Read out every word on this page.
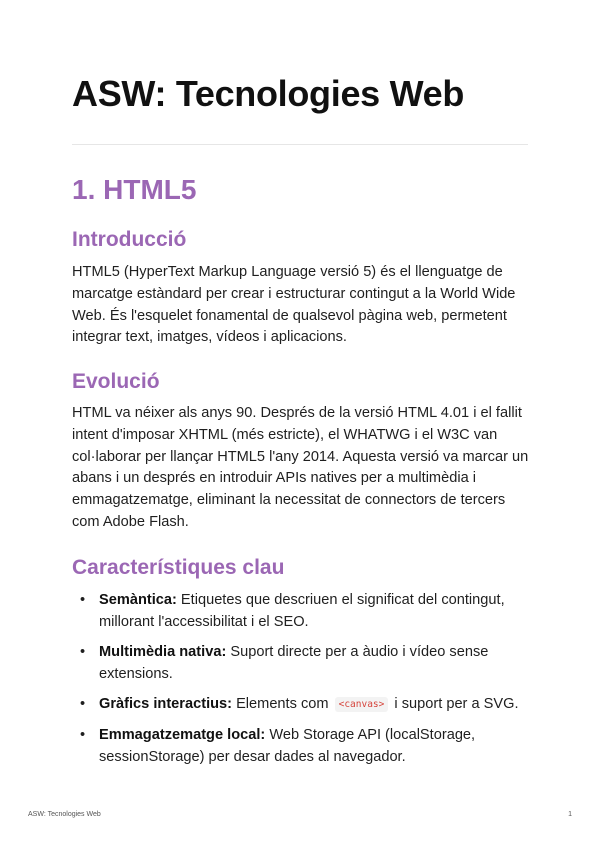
ASW: Tecnologies Web
1. HTML5
Introducció

HTML5 (HyperText Markup Language versió 5) és el llenguatge de marcatge estàndard per crear i estructurar contingut a la World Wide Web. És l'esquelet fonamental de qualsevol pàgina web, permetent integrar text, imatges, vídeos i aplicacions.

Evolució

HTML va néixer als anys 90. Després de la versió HTML 4.01 i el fallit intent d'imposar XHTML (més estricte), el WHATWG i el W3C van col·laborar per llançar HTML5 l'any 2014. Aquesta versió va marcar un abans i un després en introduir APIs natives per a multimèdia i emmagatzematge, eliminant la necessitat de connectors de tercers com Adobe Flash.

Característiques clau
• Semàntica: Etiquetes que descriuen el significat del contingut, millorant l'accessibilitat i el SEO.
• Multimèdia nativa: Suport directe per a àudio i vídeo sense extensions.
• Gràfics interactius: Elements com <canvas> i suport per a SVG.
• Emmagatzematge local: Web Storage API (localStorage, sessionStorage) per desar dades al navegador.
ASW: Tecnologies Web	1
